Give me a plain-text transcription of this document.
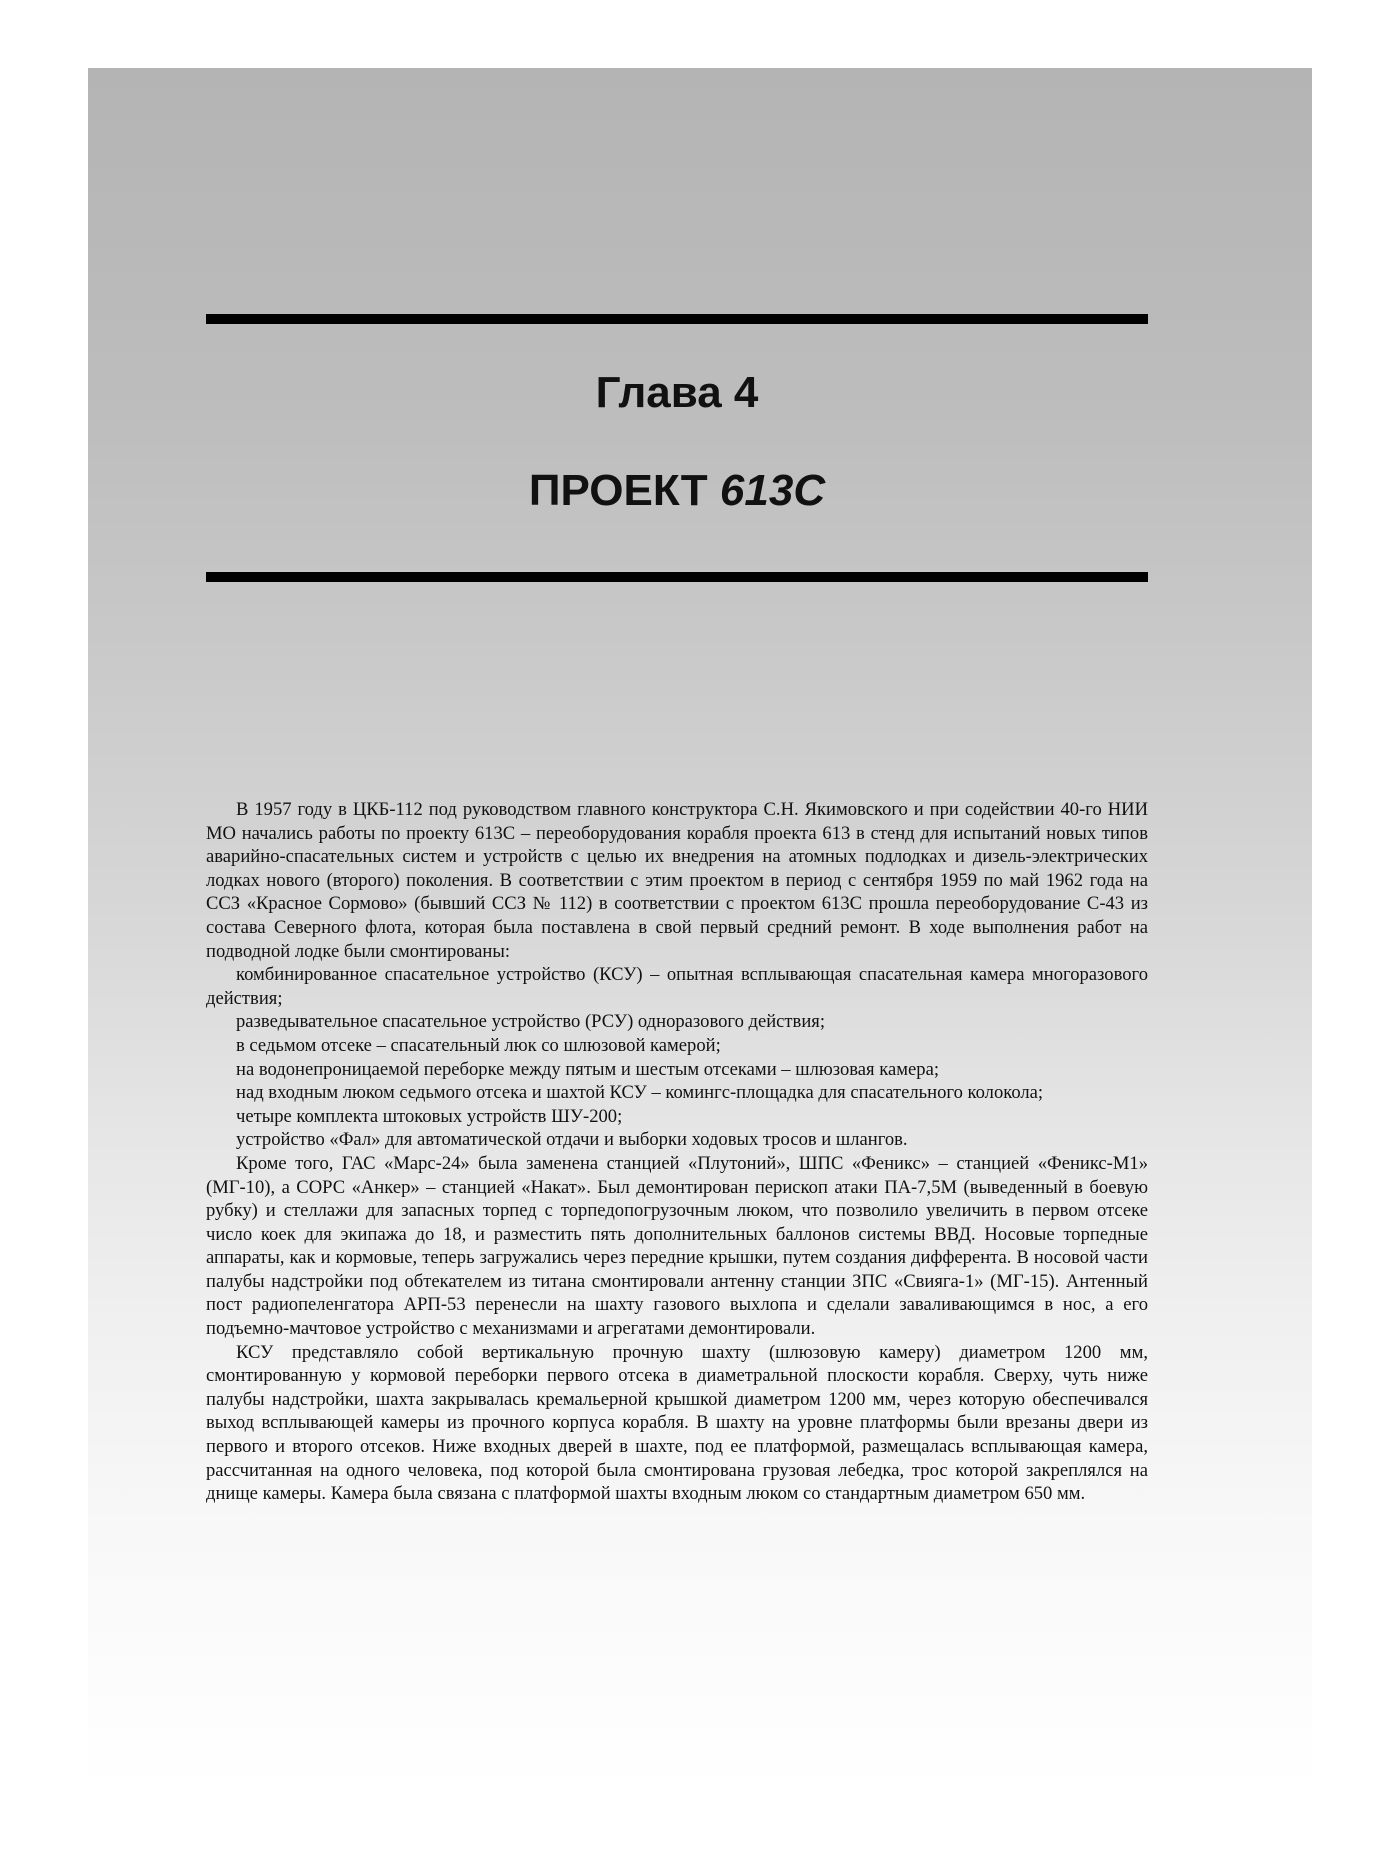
Глава 4
ПРОЕКТ 613С

В 1957 году в ЦКБ-112 под руководством главного конструктора С.Н. Якимовского и при содействии 40-го НИИ МО начались работы по проекту 613С – переоборудования корабля проекта 613 в стенд для испытаний новых типов аварийно-спасательных систем и устройств с целью их внедрения на атомных подлодках и дизель-электрических лодках нового (второго) поколения. В соответствии с этим проектом в период с сентября 1959 по май 1962 года на ССЗ «Красное Сормово» (бывший ССЗ № 112) в соответствии с проектом 613С прошла переоборудование С-43 из состава Северного флота, которая была поставлена в свой первый средний ремонт. В ходе выполнения работ на подводной лодке были смонтированы:

комбинированное спасательное устройство (КСУ) – опытная всплывающая спасательная камера многоразового действия;

разведывательное спасательное устройство (РСУ) одноразового действия;

в седьмом отсеке – спасательный люк со шлюзовой камерой;

на водонепроницаемой переборке между пятым и шестым отсеками – шлюзовая камера;

над входным люком седьмого отсека и шахтой КСУ – комингс-площадка для спасательного колокола;

четыре комплекта штоковых устройств ШУ-200;

устройство «Фал» для автоматической отдачи и выборки ходовых тросов и шлангов.

Кроме того, ГАС «Марс-24» была заменена станцией «Плутоний», ШПС «Феникс» – станцией «Феникс-М1» (МГ-10), а СОРС «Анкер» – станцией «Накат». Был демонтирован перископ атаки ПА-7,5М (выведенный в боевую рубку) и стеллажи для запасных торпед с торпедопогрузочным люком, что позволило увеличить в первом отсеке число коек для экипажа до 18, и разместить пять дополнительных баллонов системы ВВД. Носовые торпедные аппараты, как и кормовые, теперь загружались через передние крышки, путем создания дифферента. В носовой части палубы надстройки под обтекателем из титана смонтировали антенну станции ЗПС «Свияга-1» (МГ-15). Антенный пост радиопеленгатора АРП-53 перенесли на шахту газового выхлопа и сделали заваливающимся в нос, а его подъемно-мачтовое устройство с механизмами и агрегатами демонтировали.

КСУ представляло собой вертикальную прочную шахту (шлюзовую камеру) диаметром 1200 мм, смонтированную у кормовой переборки первого отсека в диаметральной плоскости корабля. Сверху, чуть ниже палубы надстройки, шахта закрывалась кремальерной крышкой диаметром 1200 мм, через которую обеспечивался выход всплывающей камеры из прочного корпуса корабля. В шахту на уровне платформы были врезаны двери из первого и второго отсеков. Ниже входных дверей в шахте, под ее платформой, размещалась всплывающая камера, рассчитанная на одного человека, под которой была смонтирована грузовая лебедка, трос которой закреплялся на днище камеры. Камера была связана с платформой шахты входным люком со стандартным диаметром 650 мм.
